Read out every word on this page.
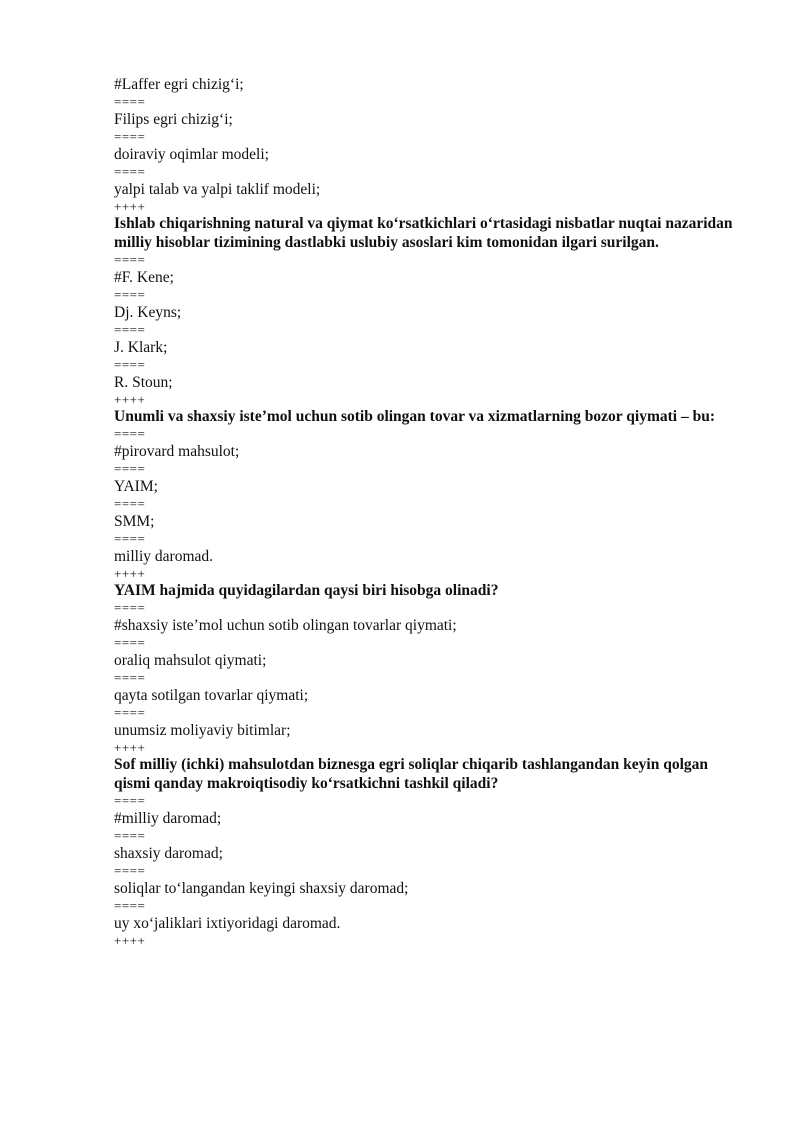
#Laffer egri chizig‘i;
====
Filips egri chizig‘i;
====
doiraviy oqimlar modeli;
====
yalpi talab va yalpi taklif modeli;
++++
Ishlab chiqarishning natural va qiymat ko‘rsatkichlari o‘rtasidagi nisbatlar nuqtai nazaridan milliy hisoblar tizimining dastlabki uslubiy asoslari kim tomonidan ilgari surilgan.
====
#F. Kene;
====
Dj. Keyns;
====
J. Klark;
====
R. Stoun;
++++
Unumli va shaxsiy iste’mol uchun sotib olingan tovar va xizmatlarning bozor qiymati – bu:
====
#pirovard mahsulot;
====
YAIM;
====
SMM;
====
milliy daromad.
++++
YAIM hajmida quyidagilardan qaysi biri hisobga olinadi?
====
#shaxsiy iste’mol uchun sotib olingan tovarlar qiymati;
====
oraliq mahsulot qiymati;
====
qayta sotilgan tovarlar qiymati;
====
unumsiz moliyaviy bitimlar;
++++
Sof milliy (ichki) mahsulotdan biznesga egri soliqlar chiqarib tashlangandan keyin qolgan qismi qanday makroiqtisodiy ko‘rsatkichni tashkil qiladi?
====
#milliy daromad;
====
shaxsiy daromad;
====
soliqlar to‘langandan keyingi shaxsiy daromad;
====
uy xo‘jaliklari ixtiyoridagi daromad.
++++
